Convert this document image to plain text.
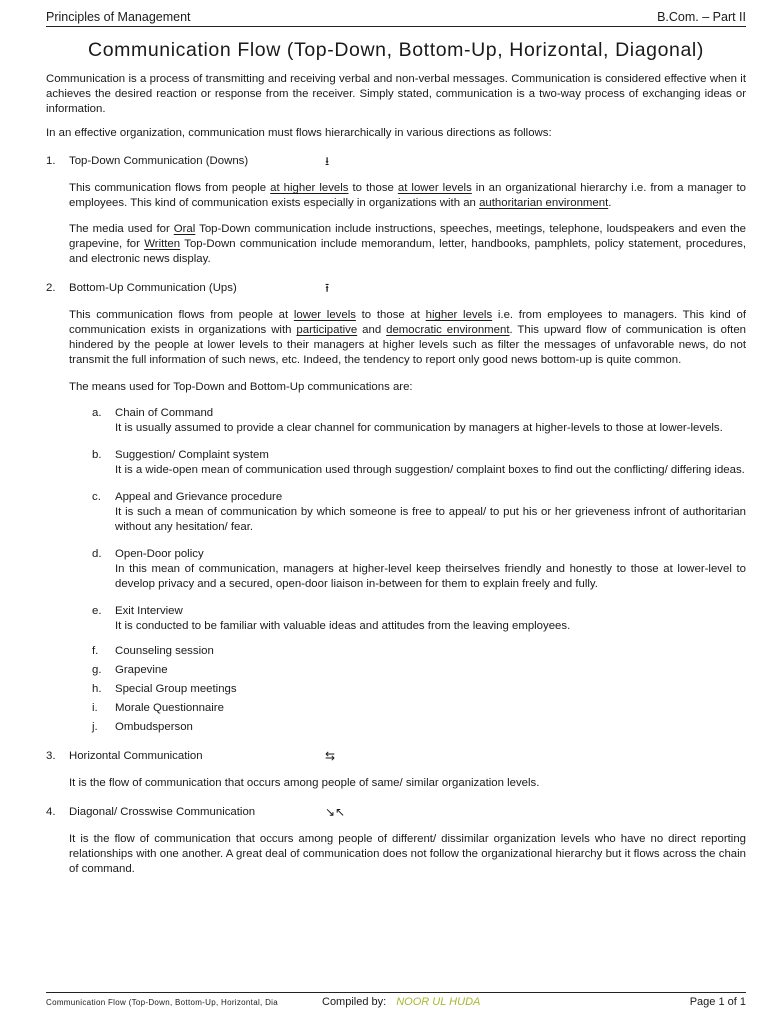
Principles of Management	B.Com. – Part II
Communication Flow (Top-Down, Bottom-Up, Horizontal, Diagonal)

Communication is a process of transmitting and receiving verbal and non-verbal messages. Communication is considered effective when it achieves the desired reaction or response from the receiver. Simply stated, communication is a two-way process of exchanging ideas or information.

In an effective organization, communication must flows hierarchically in various directions as follows:

1.	Top-Down Communication (Downs)	⭳

This communication flows from people at higher levels to those at lower levels in an organizational hierarchy i.e. from a manager to employees. This kind of communication exists especially in organizations with an authoritarian environment.

The media used for Oral Top-Down communication include instructions, speeches, meetings, telephone, loudspeakers and even the grapevine, for Written Top-Down communication include memorandum, letter, handbooks, pamphlets, policy statement, procedures, and electronic news display.

2.	Bottom-Up Communication (Ups)	⭱

This communication flows from people at lower levels to those at higher levels i.e. from employees to managers. This kind of communication exists in organizations with participative and democratic environment. This upward flow of communication is often hindered by the people at lower levels to their managers at higher levels such as filter the messages of unfavorable news, do not transmit the full information of such news, etc. Indeed, the tendency to report only good news bottom-up is quite common.

The means used for Top-Down and Bottom-Up communications are:

a.	Chain of Command
It is usually assumed to provide a clear channel for communication by managers at higher-levels to those at lower-levels.
b.	Suggestion/ Complaint system
It is a wide-open mean of communication used through suggestion/ complaint boxes to find out the conflicting/ differing ideas.
c.	Appeal and Grievance procedure
It is such a mean of communication by which someone is free to appeal/ to put his or her grieveness infront of authoritarian without any hesitation/ fear.
d.	Open-Door policy
In this mean of communication, managers at higher-level keep theirselves friendly and honestly to those at lower-level to develop privacy and a secured, open-door liaison in-between for them to explain freely and fully.
e.	Exit Interview
It is conducted to be familiar with valuable ideas and attitudes from the leaving employees.
f.	Counseling session
g.	Grapevine
h.	Special Group meetings
i.	Morale Questionnaire
j.	Ombudsperson
3.	Horizontal Communication	⇆

It is the flow of communication that occurs among people of same/ similar organization levels.

4.	Diagonal/ Crosswise Communication	↘↖

It is the flow of communication that occurs among people of different/ dissimilar organization levels who have no direct reporting relationships with one another. A great deal of communication does not follow the organizational hierarchy but it flows across the chain of command.

Communication Flow (Top-Down, Bottom-Up, Horizontal, Dia	Compiled by: NOOR UL HUDA	Page 1 of 1
